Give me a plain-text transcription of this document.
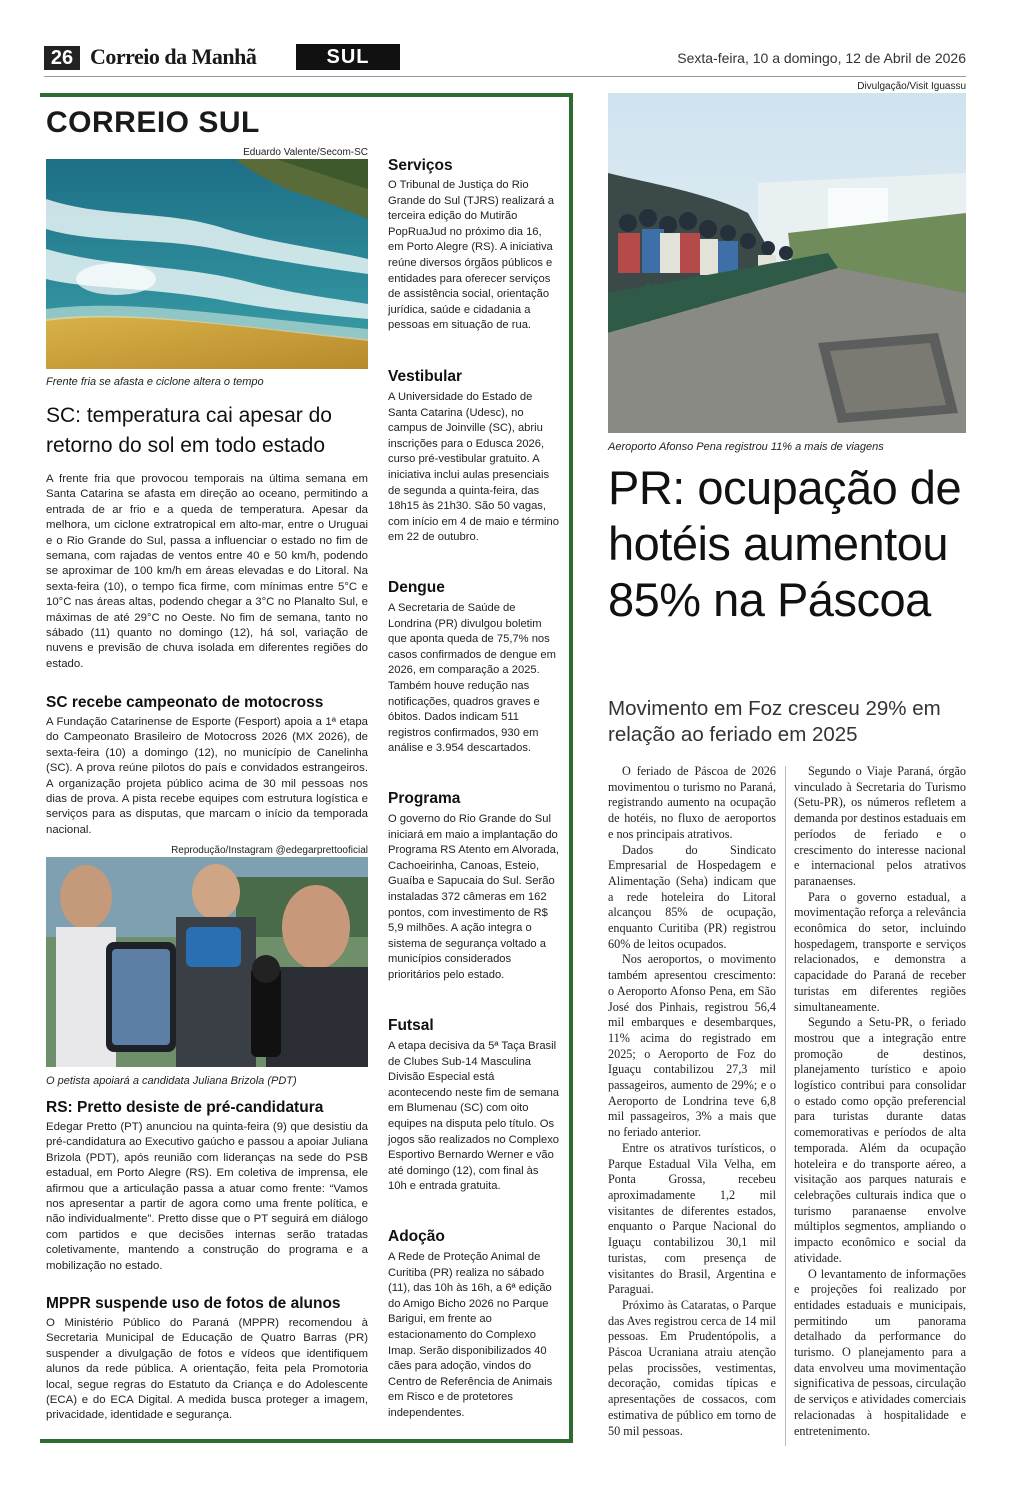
26 Correio da Manhã	SUL	Sexta-feira, 10 a domingo, 12 de Abril de 2026
CORREIO SUL
Eduardo Valente/Secom-SC
Frente fria se afasta e ciclone altera o tempo
SC: temperatura cai apesar do retorno do sol em todo estado
A frente fria que provocou temporais na última semana em Santa Catarina se afasta em direção ao oceano, permitindo a entrada de ar frio e a queda de temperatura. Apesar da melhora, um ciclone extratropical em alto-mar, entre o Uruguai e o Rio Grande do Sul, passa a influenciar o estado no fim de semana, com rajadas de ventos entre 40 e 50 km/h, podendo se aproximar de 100 km/h em áreas elevadas e do Litoral. Na sexta-feira (10), o tempo fica firme, com mínimas entre 5°C e 10°C nas áreas altas, podendo chegar a 3°C no Planalto Sul, e máximas de até 29°C no Oeste. No fim de semana, tanto no sábado (11) quanto no domingo (12), há sol, variação de nuvens e previsão de chuva isolada em diferentes regiões do estado.
SC recebe campeonato de motocross
A Fundação Catarinense de Esporte (Fesport) apoia a 1ª etapa do Campeonato Brasileiro de Motocross 2026 (MX 2026), de sexta-feira (10) a domingo (12), no município de Canelinha (SC). A prova reúne pilotos do país e convidados estrangeiros. A organização projeta público acima de 30 mil pessoas nos dias de prova. A pista recebe equipes com estrutura logística e serviços para as disputas, que marcam o início da temporada nacional.
Reprodução/Instagram @edegarprettooficial
O petista apoiará a candidata Juliana Brizola (PDT)
RS: Pretto desiste de pré-candidatura
Edegar Pretto (PT) anunciou na quinta-feira (9) que desistiu da pré-candidatura ao Executivo gaúcho e passou a apoiar Juliana Brizola (PDT), após reunião com lideranças na sede do PSB estadual, em Porto Alegre (RS). Em coletiva de imprensa, ele afirmou que a articulação passa a atuar como frente: “Vamos nos apresentar a partir de agora como uma frente política, e não individualmente”. Pretto disse que o PT seguirá em diálogo com partidos e que decisões internas serão tratadas coletivamente, mantendo a construção do programa e a mobilização no estado.
MPPR suspende uso de fotos de alunos
O Ministério Público do Paraná (MPPR) recomendou à Secretaria Municipal de Educação de Quatro Barras (PR) suspender a divulgação de fotos e vídeos que identifiquem alunos da rede pública. A orientação, feita pela Promotoria local, segue regras do Estatuto da Criança e do Adolescente (ECA) e do ECA Digital. A medida busca proteger a imagem, privacidade, identidade e segurança.
Serviços
O Tribunal de Justiça do Rio Grande do Sul (TJRS) realizará a terceira edição do Mutirão PopRuaJud no próximo dia 16, em Porto Alegre (RS). A iniciativa reúne diversos órgãos públicos e entidades para oferecer serviços de assistência social, orientação jurídica, saúde e cidadania a pessoas em situação de rua.
Vestibular
A Universidade do Estado de Santa Catarina (Udesc), no campus de Joinville (SC), abriu inscrições para o Edusca 2026, curso pré-vestibular gratuito. A iniciativa inclui aulas presenciais de segunda a quinta-feira, das 18h15 às 21h30. São 50 vagas, com início em 4 de maio e término em 22 de outubro.
Dengue
A Secretaria de Saúde de Londrina (PR) divulgou boletim que aponta queda de 75,7% nos casos confirmados de dengue em 2026, em comparação a 2025. Também houve redução nas notificações, quadros graves e óbitos. Dados indicam 511 registros confirmados, 930 em análise e 3.954 descartados.
Programa
O governo do Rio Grande do Sul iniciará em maio a implantação do Programa RS Atento em Alvorada, Cachoeirinha, Canoas, Esteio, Guaíba e Sapucaia do Sul. Serão instaladas 372 câmeras em 162 pontos, com investimento de R$ 5,9 milhões. A ação integra o sistema de segurança voltado a municípios considerados prioritários pelo estado.
Futsal
A etapa decisiva da 5ª Taça Brasil de Clubes Sub-14 Masculina Divisão Especial está acontecendo neste fim de semana em Blumenau (SC) com oito equipes na disputa pelo título. Os jogos são realizados no Complexo Esportivo Bernardo Werner e vão até domingo (12), com final às 10h e entrada gratuita.
Adoção
A Rede de Proteção Animal de Curitiba (PR) realiza no sábado (11), das 10h às 16h, a 6ª edição do Amigo Bicho 2026 no Parque Barigui, em frente ao estacionamento do Complexo Imap. Serão disponibilizados 40 cães para adoção, vindos do Centro de Referência de Animais em Risco e de protetores independentes.
Divulgação/Visit Iguassu
Aeroporto Afonso Pena registrou 11% a mais de viagens
PR: ocupação de hotéis aumentou 85% na Páscoa
Movimento em Foz cresceu 29% em relação ao feriado em 2025

O feriado de Páscoa de 2026 movimentou o turismo no Paraná, registrando aumento na ocupação de hotéis, no fluxo de aeroportos e nos principais atrativos.

Dados do Sindicato Empresarial de Hospedagem e Alimentação (Seha) indicam que a rede hoteleira do Litoral alcançou 85% de ocupação, enquanto Curitiba (PR) registrou 60% de leitos ocupados.

Nos aeroportos, o movimento também apresentou crescimento: o Aeroporto Afonso Pena, em São José dos Pinhais, registrou 56,4 mil embarques e desembarques, 11% acima do registrado em 2025; o Aeroporto de Foz do Iguaçu contabilizou 27,3 mil passageiros, aumento de 29%; e o Aeroporto de Londrina teve 6,8 mil passageiros, 3% a mais que no feriado anterior.

Entre os atrativos turísticos, o Parque Estadual Vila Velha, em Ponta Grossa, recebeu aproximadamente 1,2 mil visitantes de diferentes estados, enquanto o Parque Nacional do Iguaçu contabilizou 30,1 mil turistas, com presença de visitantes do Brasil, Argentina e Paraguai.

Próximo às Cataratas, o Parque das Aves registrou cerca de 14 mil pessoas. Em Prudentópolis, a Páscoa Ucraniana atraiu atenção pelas procissões, vestimentas, decoração, comidas típicas e apresentações de cossacos, com estimativa de público em torno de 50 mil pessoas.

Segundo o Viaje Paraná, órgão vinculado à Secretaria do Turismo (Setu-PR), os números refletem a demanda por destinos estaduais em períodos de feriado e o crescimento do interesse nacional e internacional pelos atrativos paranaenses.

Para o governo estadual, a movimentação reforça a relevância econômica do setor, incluindo hospedagem, transporte e serviços relacionados, e demonstra a capacidade do Paraná de receber turistas em diferentes regiões simultaneamente.

Segundo a Setu-PR, o feriado mostrou que a integração entre promoção de destinos, planejamento turístico e apoio logístico contribui para consolidar o estado como opção preferencial para turistas durante datas comemorativas e períodos de alta temporada. Além da ocupação hoteleira e do transporte aéreo, a visitação aos parques naturais e celebrações culturais indica que o turismo paranaense envolve múltiplos segmentos, ampliando o impacto econômico e social da atividade.

O levantamento de informações e projeções foi realizado por entidades estaduais e municipais, permitindo um panorama detalhado da performance do turismo. O planejamento para a data envolveu uma movimentação significativa de pessoas, circulação de serviços e atividades comerciais relacionadas à hospitalidade e entretenimento.
